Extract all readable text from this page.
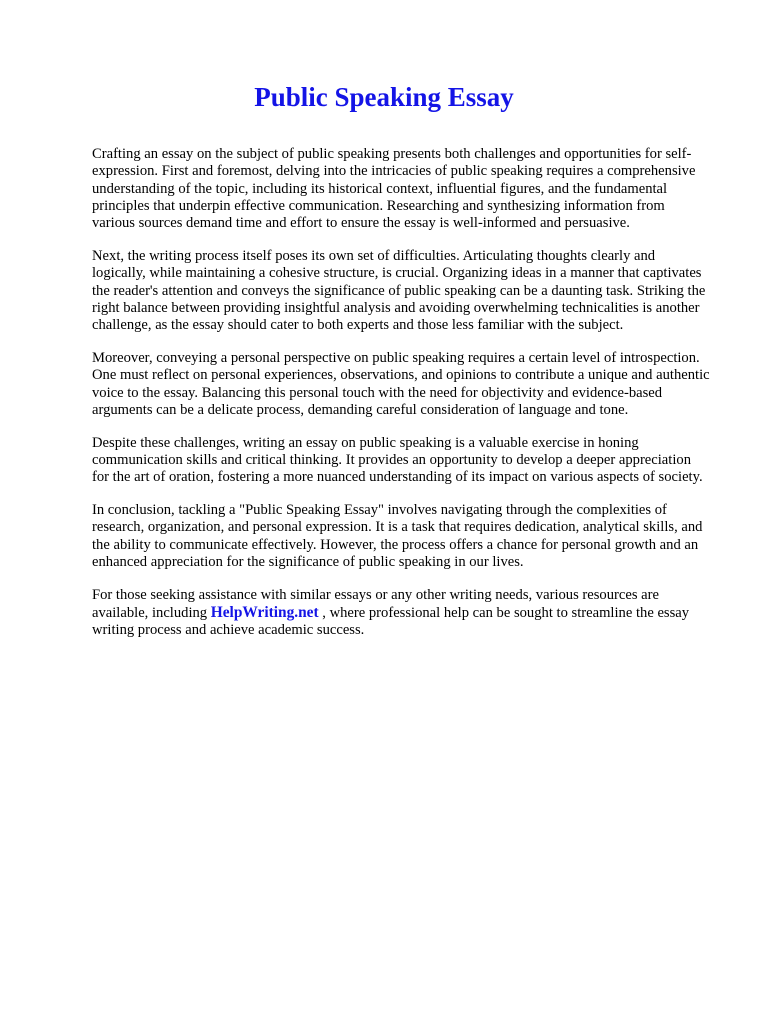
Public Speaking Essay

Crafting an essay on the subject of public speaking presents both challenges and opportunities for self-expression. First and foremost, delving into the intricacies of public speaking requires a comprehensive understanding of the topic, including its historical context, influential figures, and the fundamental principles that underpin effective communication. Researching and synthesizing information from various sources demand time and effort to ensure the essay is well-informed and persuasive.

Next, the writing process itself poses its own set of difficulties. Articulating thoughts clearly and logically, while maintaining a cohesive structure, is crucial. Organizing ideas in a manner that captivates the reader's attention and conveys the significance of public speaking can be a daunting task. Striking the right balance between providing insightful analysis and avoiding overwhelming technicalities is another challenge, as the essay should cater to both experts and those less familiar with the subject.

Moreover, conveying a personal perspective on public speaking requires a certain level of introspection. One must reflect on personal experiences, observations, and opinions to contribute a unique and authentic voice to the essay. Balancing this personal touch with the need for objectivity and evidence-based arguments can be a delicate process, demanding careful consideration of language and tone.

Despite these challenges, writing an essay on public speaking is a valuable exercise in honing communication skills and critical thinking. It provides an opportunity to develop a deeper appreciation for the art of oration, fostering a more nuanced understanding of its impact on various aspects of society.

In conclusion, tackling a "Public Speaking Essay" involves navigating through the complexities of research, organization, and personal expression. It is a task that requires dedication, analytical skills, and the ability to communicate effectively. However, the process offers a chance for personal growth and an enhanced appreciation for the significance of public speaking in our lives.

For those seeking assistance with similar essays or any other writing needs, various resources are available, including HelpWriting.net , where professional help can be sought to streamline the essay writing process and achieve academic success.
